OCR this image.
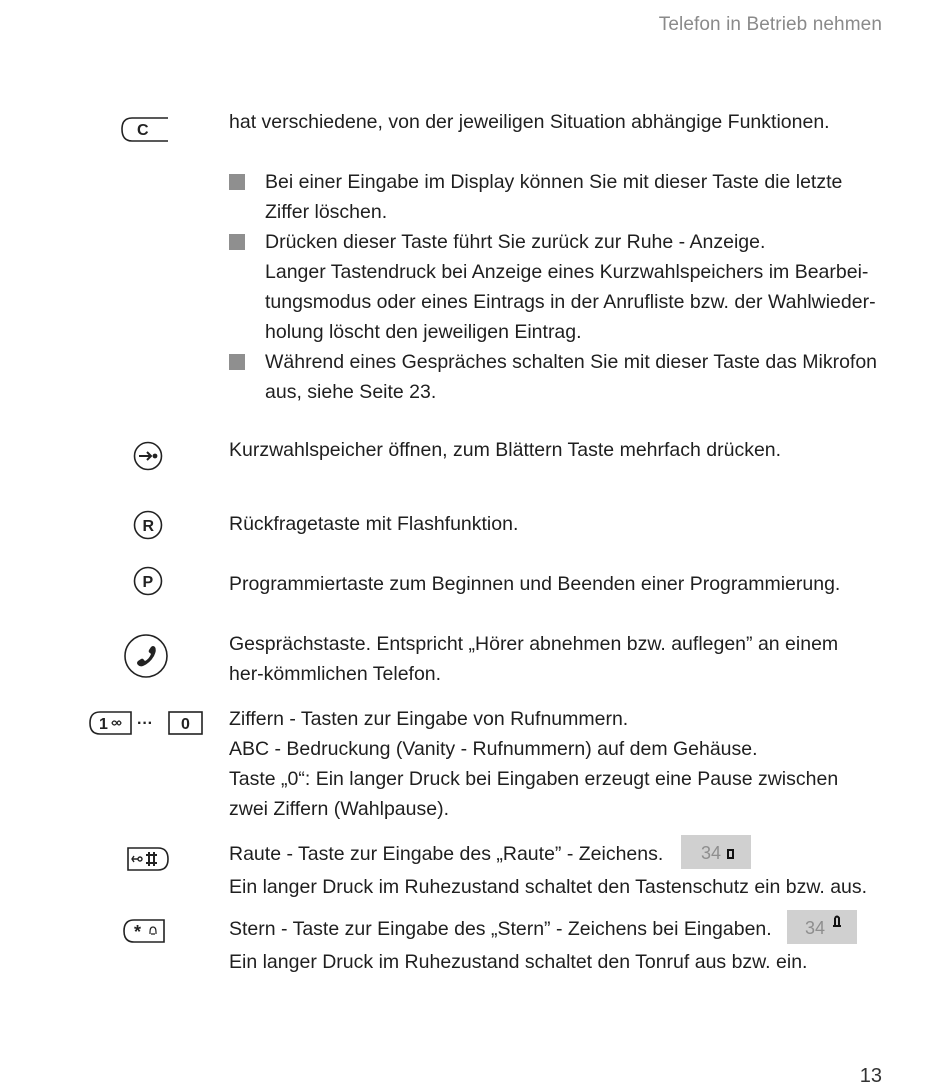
Telefon in Betrieb nehmen
C	hat verschiedene, von der jeweiligen Situation abhängige Funktionen.

Bei einer Eingabe im Display können Sie mit dieser Taste die letzte Ziffer löschen.
Drücken dieser Taste führt Sie zurück zur Ruhe - Anzeige.
Langer Tastendruck bei Anzeige eines Kurzwahlspeichers im Bearbei-tungsmodus oder eines Eintrags in der Anrufliste bzw. der Wahlwieder-holung löscht den jeweiligen Eintrag.
Während eines Gespräches schalten Sie mit dieser Taste das Mikrofon aus, siehe Seite 23.

Kurzwahlspeicher öffnen, zum Blättern Taste mehrfach drücken.

R	Rückfragetaste mit Flashfunktion.

P	Programmiertaste zum Beginnen und Beenden einer Programmierung.

Gesprächstaste. Entspricht „Hörer abnehmen bzw. auflegen” an einem her-kömmlichen Telefon.

1 ··· 0 Ziffern - Tasten zur Eingabe von Rufnummern.

ABC - Bedruckung (Vanity - Rufnummern) auf dem Gehäuse.

Taste „0“: Ein langer Druck bei Eingaben erzeugt eine Pause zwischen zwei Ziffern (Wahlpause).

Raute - Taste zur Eingabe des „Raute” - Zeichens. 34

Ein langer Druck im Ruhezustand schaltet den Tastenschutz ein bzw. aus.

*	Stern - Taste zur Eingabe des „Stern” - Zeichens bei Eingaben. 34

Ein langer Druck im Ruhezustand schaltet den Tonruf aus bzw. ein.

13
